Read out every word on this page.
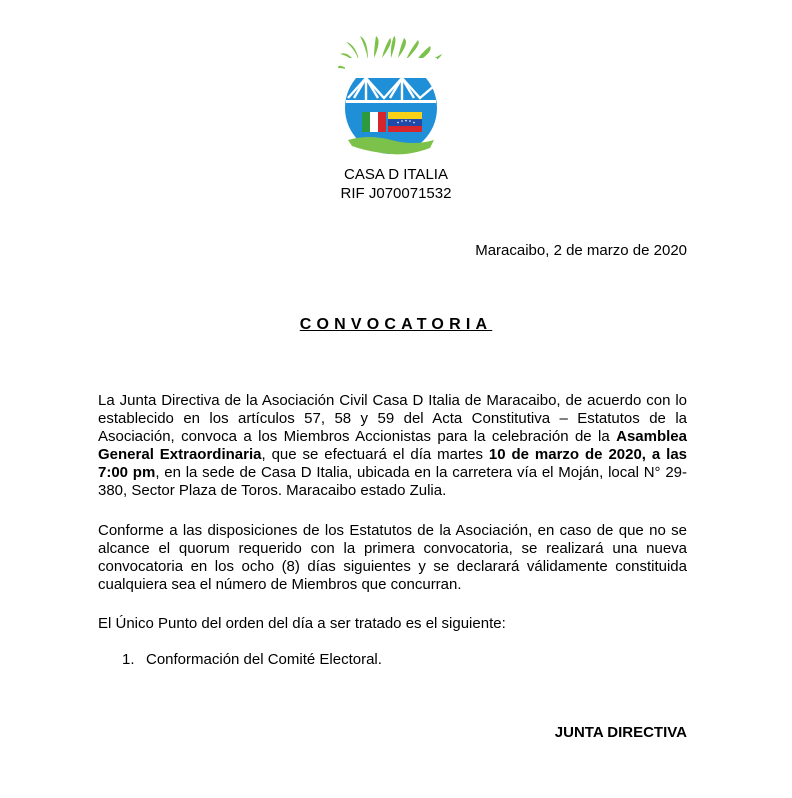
CASA D ITALIA
RIF J070071532
Maracaibo, 2 de marzo de 2020
CONVOCATORIA

La Junta Directiva de la Asociación Civil Casa D Italia de Maracaibo, de acuerdo con lo establecido en los artículos 57, 58 y 59 del Acta Constitutiva – Estatutos de la Asociación, convoca a los Miembros Accionistas para la celebración de la Asamblea General Extraordinaria, que se efectuará el día martes 10 de marzo de 2020, a las 7:00 pm, en la sede de Casa D Italia, ubicada en la carretera vía el Moján, local N° 29-380, Sector Plaza de Toros. Maracaibo estado Zulia.

Conforme a las disposiciones de los Estatutos de la Asociación, en caso de que no se alcance el quorum requerido con la primera convocatoria, se realizará una nueva convocatoria en los ocho (8) días siguientes y se declarará válidamente constituida cualquiera sea el número de Miembros que concurran.

El Único Punto del orden del día a ser tratado es el siguiente:

1. Conformación del Comité Electoral.
JUNTA DIRECTIVA
